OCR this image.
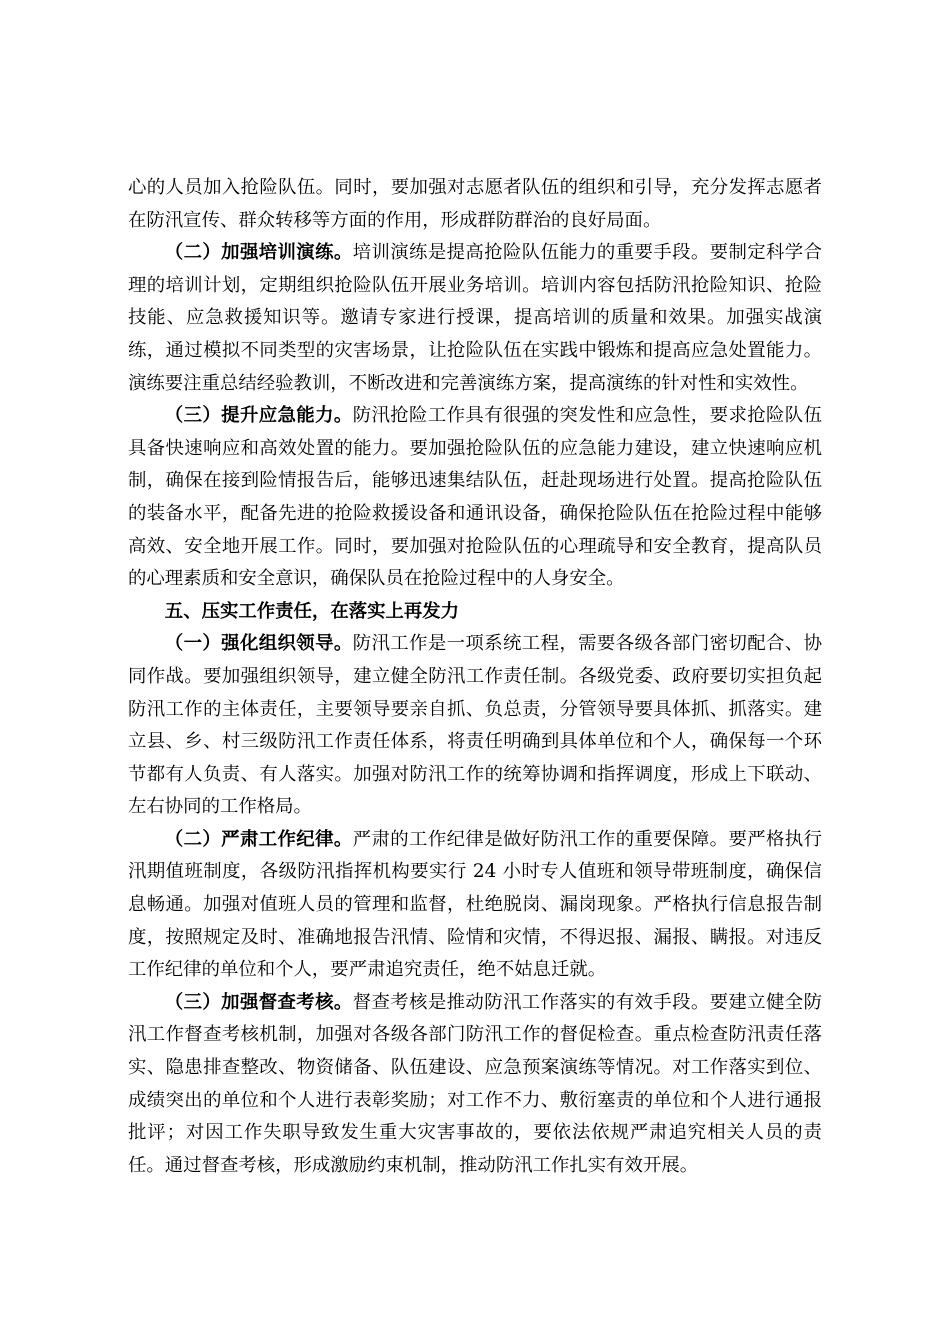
心的人员加入抢险队伍。同时，要加强对志愿者队伍的组织和引导，充分发挥志愿者在防汛宣传、群众转移等方面的作用，形成群防群治的良好局面。

（二）加强培训演练。培训演练是提高抢险队伍能力的重要手段。要制定科学合理的培训计划，定期组织抢险队伍开展业务培训。培训内容包括防汛抢险知识、抢险技能、应急救援知识等。邀请专家进行授课，提高培训的质量和效果。加强实战演练，通过模拟不同类型的灾害场景，让抢险队伍在实践中锻炼和提高应急处置能力。演练要注重总结经验教训，不断改进和完善演练方案，提高演练的针对性和实效性。

（三）提升应急能力。防汛抢险工作具有很强的突发性和应急性，要求抢险队伍具备快速响应和高效处置的能力。要加强抢险队伍的应急能力建设，建立快速响应机制，确保在接到险情报告后，能够迅速集结队伍，赶赴现场进行处置。提高抢险队伍的装备水平，配备先进的抢险救援设备和通讯设备，确保抢险队伍在抢险过程中能够高效、安全地开展工作。同时，要加强对抢险队伍的心理疏导和安全教育，提高队员的心理素质和安全意识，确保队员在抢险过程中的人身安全。

五、压实工作责任，在落实上再发力

（一）强化组织领导。防汛工作是一项系统工程，需要各级各部门密切配合、协同作战。要加强组织领导，建立健全防汛工作责任制。各级党委、政府要切实担负起防汛工作的主体责任，主要领导要亲自抓、负总责，分管领导要具体抓、抓落实。建立县、乡、村三级防汛工作责任体系，将责任明确到具体单位和个人，确保每一个环节都有人负责、有人落实。加强对防汛工作的统筹协调和指挥调度，形成上下联动、左右协同的工作格局。

（二）严肃工作纪律。严肃的工作纪律是做好防汛工作的重要保障。要严格执行汛期值班制度，各级防汛指挥机构要实行 24 小时专人值班和领导带班制度，确保信息畅通。加强对值班人员的管理和监督，杜绝脱岗、漏岗现象。严格执行信息报告制度，按照规定及时、准确地报告汛情、险情和灾情，不得迟报、漏报、瞒报。对违反工作纪律的单位和个人，要严肃追究责任，绝不姑息迁就。

（三）加强督查考核。督查考核是推动防汛工作落实的有效手段。要建立健全防汛工作督查考核机制，加强对各级各部门防汛工作的督促检查。重点检查防汛责任落实、隐患排查整改、物资储备、队伍建设、应急预案演练等情况。对工作落实到位、成绩突出的单位和个人进行表彰奖励；对工作不力、敷衍塞责的单位和个人进行通报批评；对因工作失职导致发生重大灾害事故的，要依法依规严肃追究相关人员的责任。通过督查考核，形成激励约束机制，推动防汛工作扎实有效开展。
